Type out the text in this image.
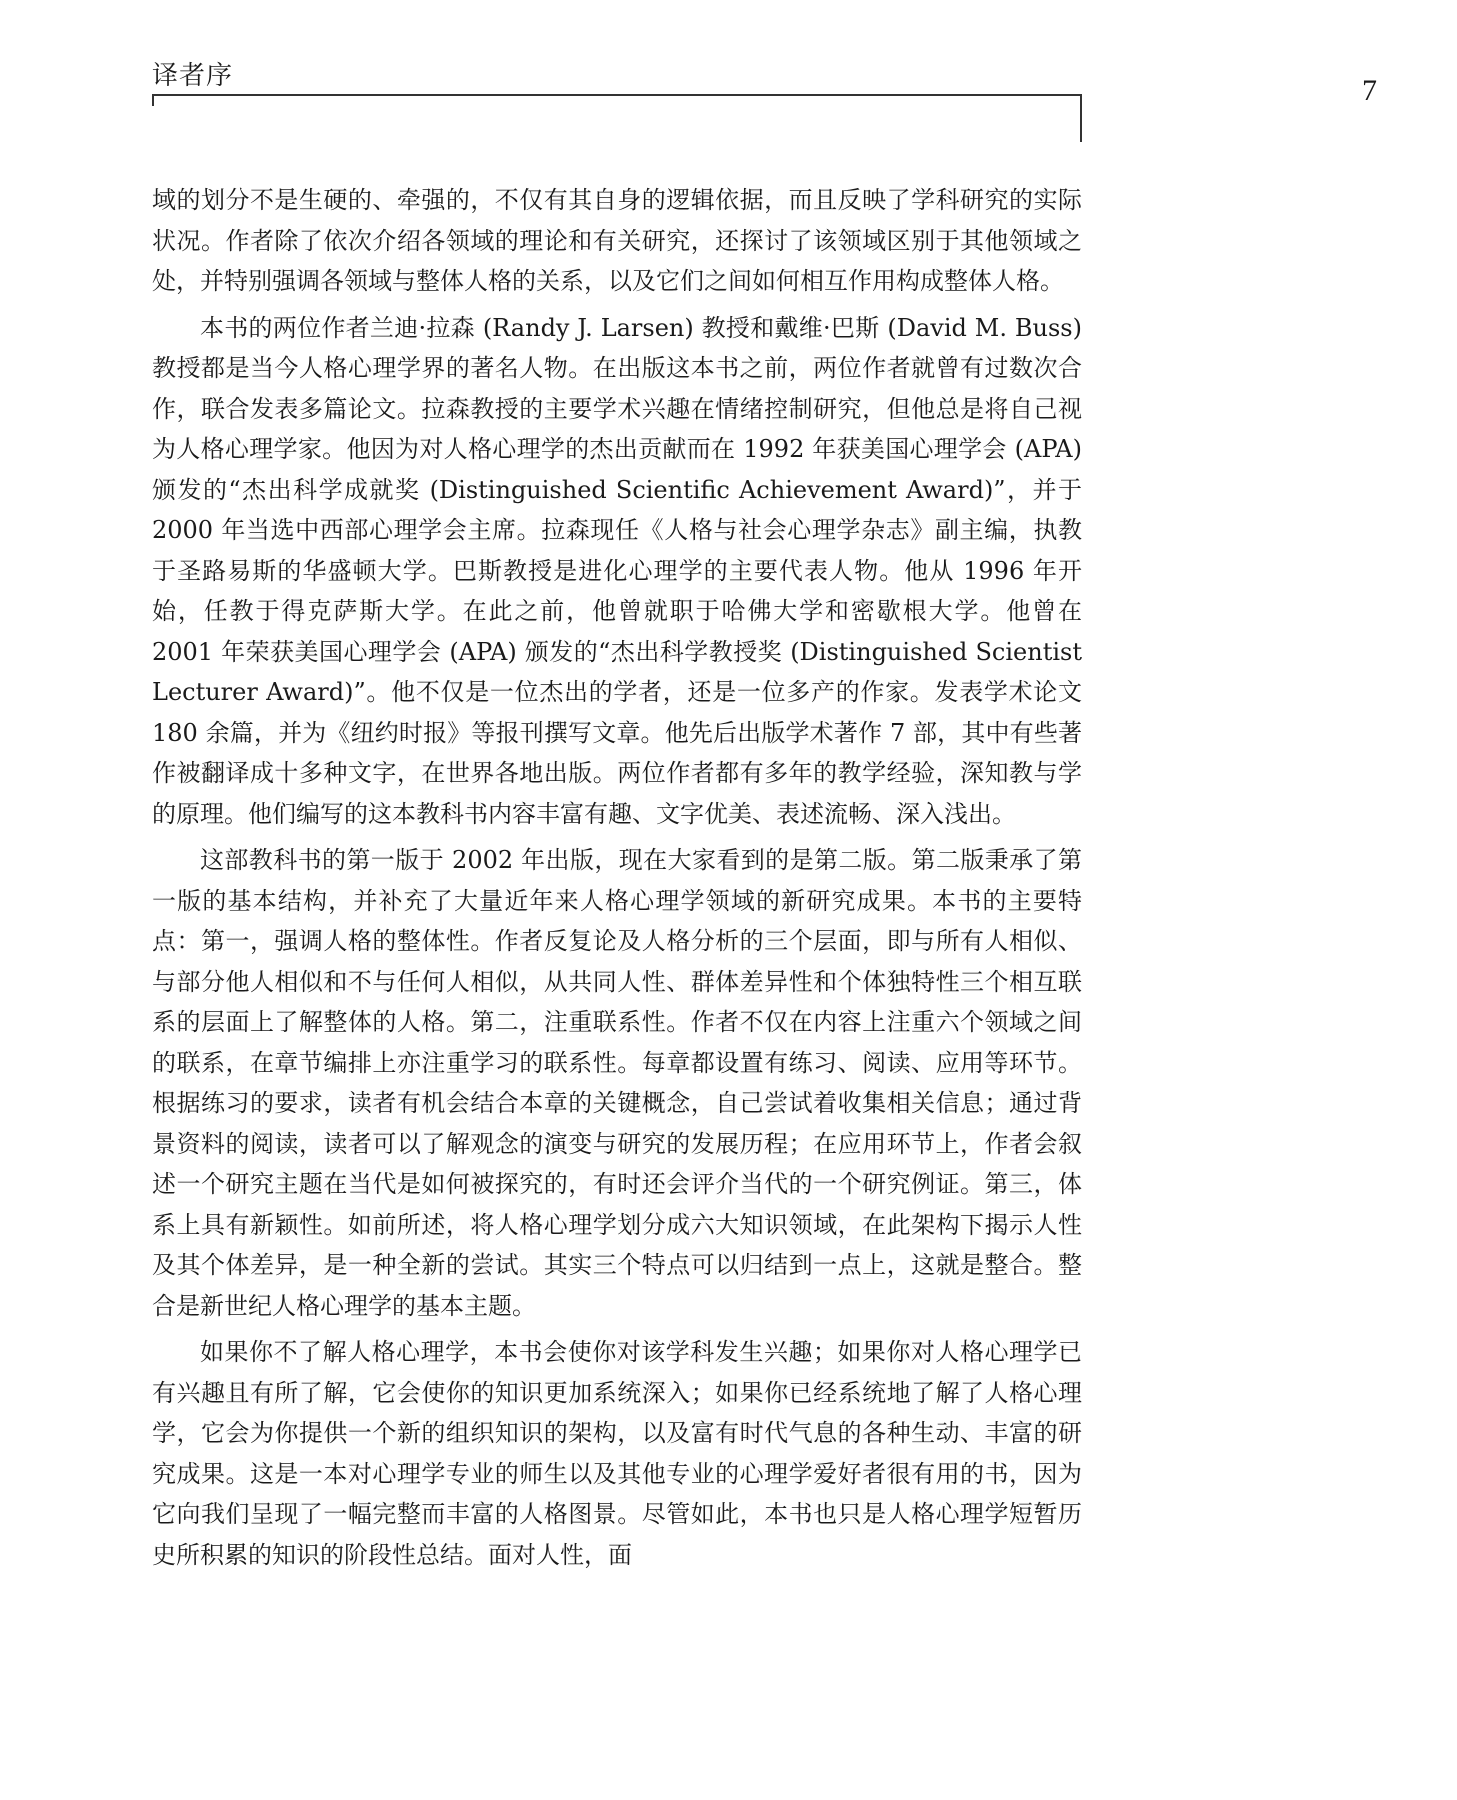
译者序	7

域的划分不是生硬的、牵强的，不仅有其自身的逻辑依据，而且反映了学科研究的实际状况。作者除了依次介绍各领域的理论和有关研究，还探讨了该领域区别于其他领域之处，并特别强调各领域与整体人格的关系，以及它们之间如何相互作用构成整体人格。

本书的两位作者兰迪·拉森 (Randy J. Larsen) 教授和戴维·巴斯 (David M. Buss) 教授都是当今人格心理学界的著名人物。在出版这本书之前，两位作者就曾有过数次合作，联合发表多篇论文。拉森教授的主要学术兴趣在情绪控制研究，但他总是将自己视为人格心理学家。他因为对人格心理学的杰出贡献而在 1992 年获美国心理学会 (APA) 颁发的“杰出科学成就奖 (Distinguished Scientific Achievement Award)”，并于 2000 年当选中西部心理学会主席。拉森现任《人格与社会心理学杂志》副主编，执教于圣路易斯的华盛顿大学。巴斯教授是进化心理学的主要代表人物。他从 1996 年开始，任教于得克萨斯大学。在此之前，他曾就职于哈佛大学和密歇根大学。他曾在 2001 年荣获美国心理学会 (APA) 颁发的“杰出科学教授奖 (Distinguished Scientist Lecturer Award)”。他不仅是一位杰出的学者，还是一位多产的作家。发表学术论文 180 余篇，并为《纽约时报》等报刊撰写文章。他先后出版学术著作 7 部，其中有些著作被翻译成十多种文字，在世界各地出版。两位作者都有多年的教学经验，深知教与学的原理。他们编写的这本教科书内容丰富有趣、文字优美、表述流畅、深入浅出。

这部教科书的第一版于 2002 年出版，现在大家看到的是第二版。第二版秉承了第一版的基本结构，并补充了大量近年来人格心理学领域的新研究成果。本书的主要特点：第一，强调人格的整体性。作者反复论及人格分析的三个层面，即与所有人相似、与部分他人相似和不与任何人相似，从共同人性、群体差异性和个体独特性三个相互联系的层面上了解整体的人格。第二，注重联系性。作者不仅在内容上注重六个领域之间的联系，在章节编排上亦注重学习的联系性。每章都设置有练习、阅读、应用等环节。根据练习的要求，读者有机会结合本章的关键概念，自己尝试着收集相关信息；通过背景资料的阅读，读者可以了解观念的演变与研究的发展历程；在应用环节上，作者会叙述一个研究主题在当代是如何被探究的，有时还会评介当代的一个研究例证。第三，体系上具有新颖性。如前所述，将人格心理学划分成六大知识领域，在此架构下揭示人性及其个体差异，是一种全新的尝试。其实三个特点可以归结到一点上，这就是整合。整合是新世纪人格心理学的基本主题。

如果你不了解人格心理学，本书会使你对该学科发生兴趣；如果你对人格心理学已有兴趣且有所了解，它会使你的知识更加系统深入；如果你已经系统地了解了人格心理学，它会为你提供一个新的组织知识的架构，以及富有时代气息的各种生动、丰富的研究成果。这是一本对心理学专业的师生以及其他专业的心理学爱好者很有用的书，因为它向我们呈现了一幅完整而丰富的人格图景。尽管如此，本书也只是人格心理学短暂历史所积累的知识的阶段性总结。面对人性，面
